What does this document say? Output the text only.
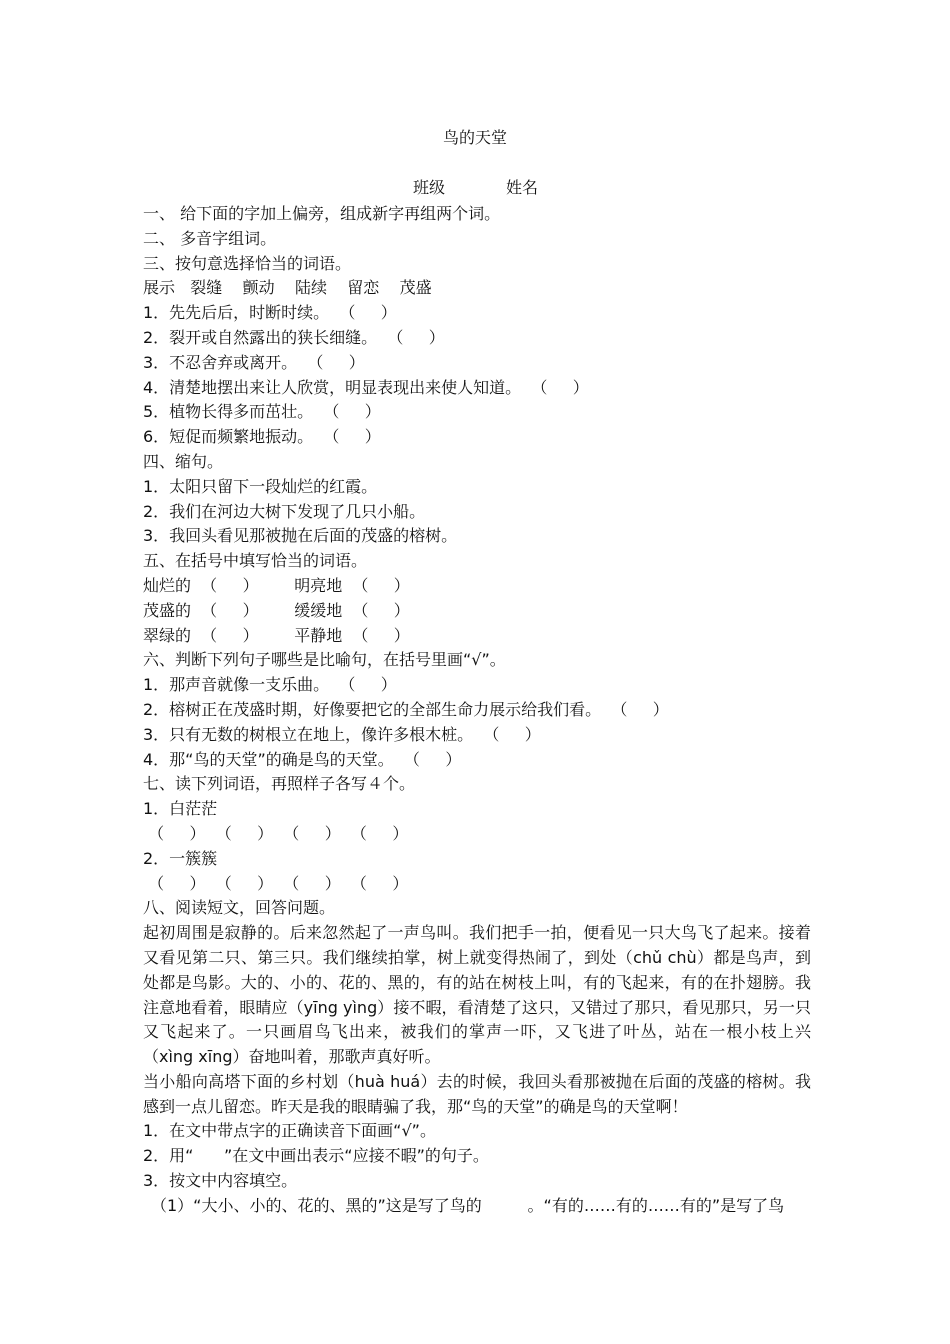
鸟的天堂
班级	姓名
一、 给下面的字加上偏旁，组成新字再组两个词。
二、 多音字组词。
三、按句意选择恰当的词语。
展示   裂缝    颤动    陆续    留恋    茂盛
1．先先后后，时断时续。  （     ）
2．裂开或自然露出的狭长细缝。  （     ）
3．不忍舍弃或离开。  （     ）
4．清楚地摆出来让人欣赏，明显表现出来使人知道。  （     ）
5．植物长得多而茁壮。  （     ）
6．短促而频繁地振动。  （     ）
四、缩句。
1．太阳只留下一段灿烂的红霞。
2．我们在河边大树下发现了几只小船。
3．我回头看见那被抛在后面的茂盛的榕树。
五、在括号中填写恰当的词语。
灿烂的  （     ）       明亮地  （     ）
茂盛的  （     ）       缓缓地  （     ）
翠绿的  （     ）       平静地  （     ）
六、判断下列句子哪些是比喻句，在括号里画“√”。
1．那声音就像一支乐曲。  （     ）
2．榕树正在茂盛时期，好像要把它的全部生命力展示给我们看。  （     ）
3．只有无数的树根立在地上，像许多根木桩。  （     ）
4．那“鸟的天堂”的确是鸟的天堂。  （     ）
七、读下列词语，再照样子各写４个。
1．白茫茫
（     ）  （     ）  （     ）  （     ）
2．一簇簇
（     ）  （     ）  （     ）  （     ）
八、阅读短文，回答问题。
起初周围是寂静的。后来忽然起了一声鸟叫。我们把手一拍，便看见一只大鸟飞了起来。接着又看见第二只、第三只。我们继续拍掌，树上就变得热闹了，到处（chǔ chù）都是鸟声，到处都是鸟影。大的、小的、花的、黑的，有的站在树枝上叫，有的飞起来，有的在扑翅膀。我注意地看着，眼睛应（yīng yìng）接不暇，看清楚了这只，又错过了那只，看见那只，另一只又飞起来了。一只画眉鸟飞出来，被我们的掌声一吓，又飞进了叶丛，站在一根小枝上兴（xìng xīng）奋地叫着，那歌声真好听。
当小船向高塔下面的乡村划（huà huá）去的时候，我回头看那被抛在后面的茂盛的榕树。我感到一点儿留恋。昨天是我的眼睛骗了我，那“鸟的天堂”的确是鸟的天堂啊！
1．在文中带点字的正确读音下面画“√”。
2．用“      ”在文中画出表示“应接不暇”的句子。
3．按文中内容填空。
（1）“大小、小的、花的、黑的”这是写了鸟的         。“有的……有的……有的”是写了鸟
